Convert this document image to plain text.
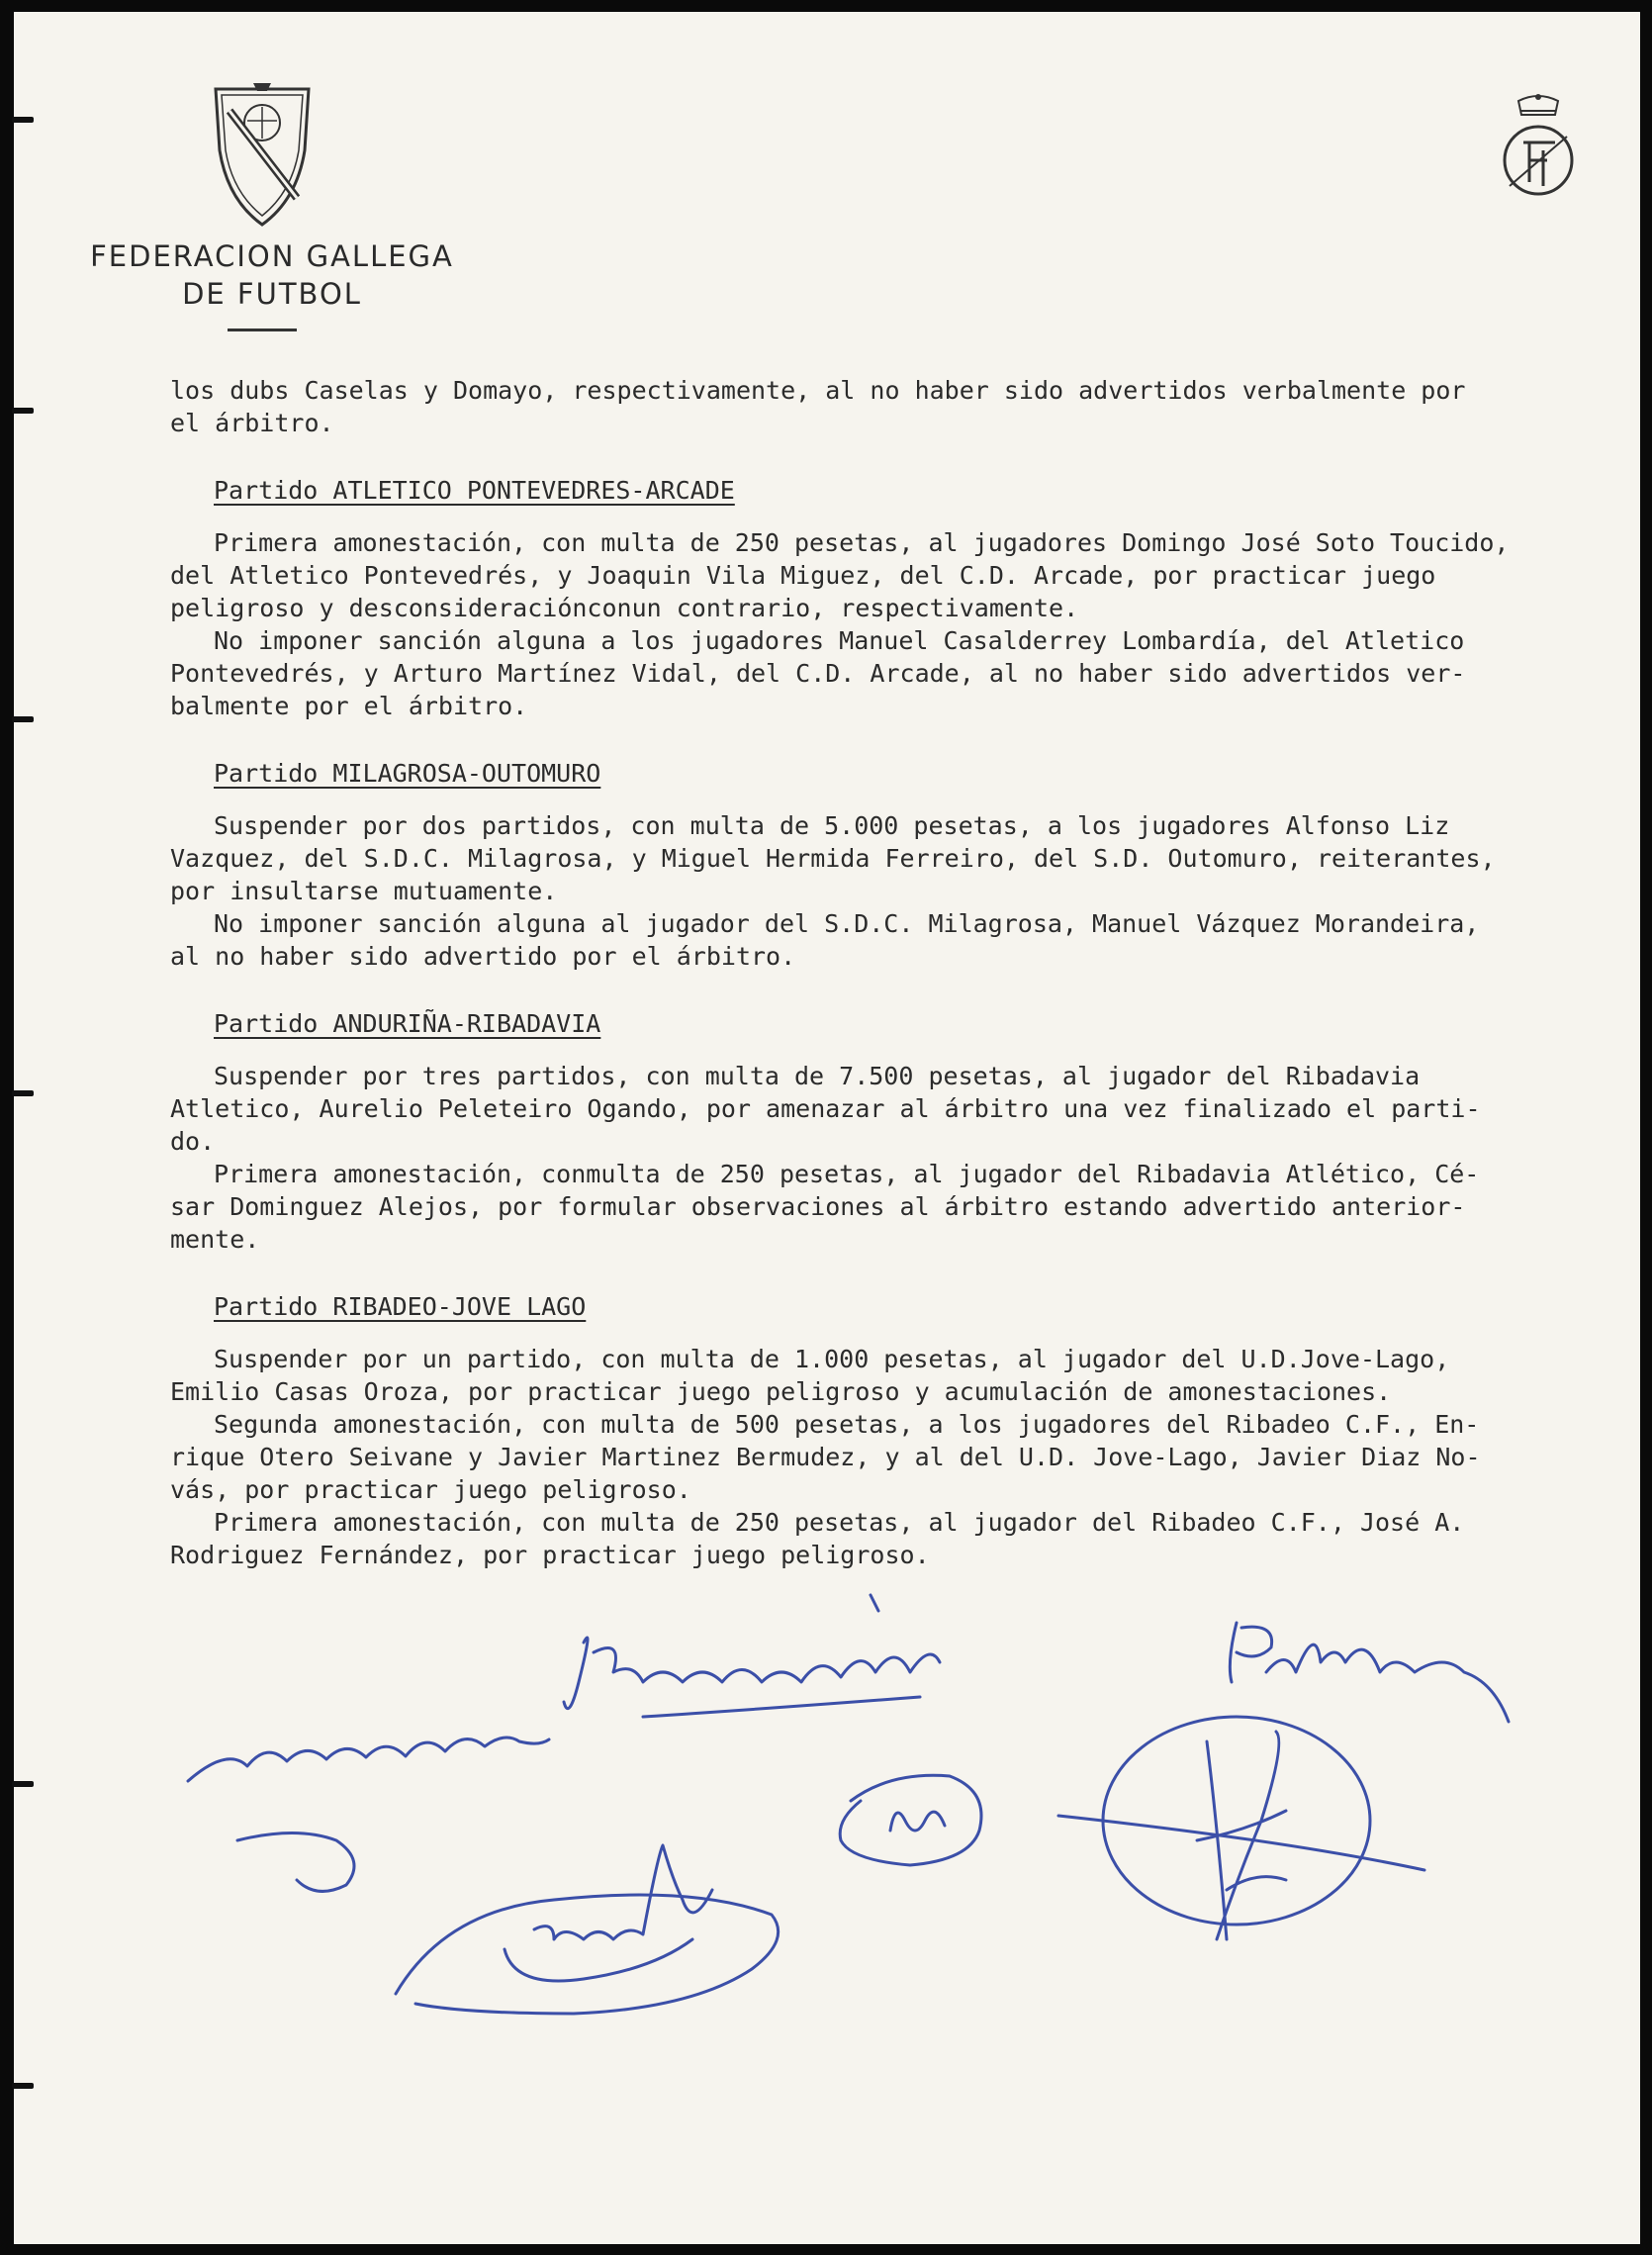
FEDERACION GALLEGA
DE FUTBOL

los dubs Caselas y Domayo, respectivamente, al no haber sido advertidos verbalmente por

el árbitro.

Partido ATLETICO PONTEVEDRES-ARCADE

Primera amonestación, con multa de 250 pesetas, al jugadores Domingo José Soto Toucido,

del Atletico Pontevedrés, y Joaquin Vila Miguez, del C.D. Arcade, por practicar juego

peligroso y desconsideraciónconun contrario, respectivamente.

No imponer sanción alguna a los jugadores Manuel Casalderrey Lombardía, del Atletico

Pontevedrés, y Arturo Martínez Vidal, del C.D. Arcade, al no haber sido advertidos ver-

balmente por el árbitro.

Partido MILAGROSA-OUTOMURO

Suspender por dos partidos, con multa de 5.000 pesetas, a los jugadores Alfonso Liz

Vazquez, del S.D.C. Milagrosa, y Miguel Hermida Ferreiro, del S.D. Outomuro, reiterantes,

por insultarse mutuamente.

No imponer sanción alguna al jugador del S.D.C. Milagrosa, Manuel Vázquez Morandeira,

al no haber sido advertido por el árbitro.

Partido ANDURIÑA-RIBADAVIA

Suspender por tres partidos, con multa de 7.500 pesetas, al jugador del Ribadavia

Atletico, Aurelio Peleteiro Ogando, por amenazar al árbitro una vez finalizado el parti-

do.

Primera amonestación, conmulta de 250 pesetas, al jugador del Ribadavia Atlético, Cé-

sar Dominguez Alejos, por formular observaciones al árbitro estando advertido anterior-

mente.

Partido RIBADEO-JOVE LAGO

Suspender por un partido, con multa de 1.000 pesetas, al jugador del U.D.Jove-Lago,

Emilio Casas Oroza, por practicar juego peligroso y acumulación de amonestaciones.

Segunda amonestación, con multa de 500 pesetas, a los jugadores del Ribadeo C.F., En-

rique Otero Seivane y Javier Martinez Bermudez, y al del U.D. Jove-Lago, Javier Diaz No-

vás, por practicar juego peligroso.

Primera amonestación, con multa de 250 pesetas, al jugador del Ribadeo C.F., José A.

Rodriguez Fernández, por practicar juego peligroso.
